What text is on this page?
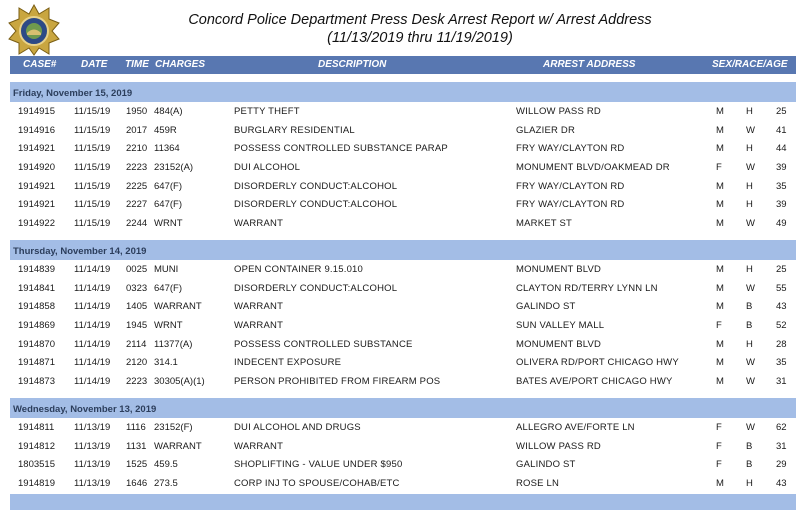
Concord Police Department Press Desk Arrest Report w/ Arrest Address
(11/13/2019 thru 11/19/2019)
CASE# DATE TIME CHARGES	DESCRIPTION	ARREST ADDRESS	SEX/RACE/AGE
Friday, November 15, 2019
1914915 11/15/19 1950 484(A)	PETTY THEFT	WILLOW PASS RD	M H 25
1914916 11/15/19 2017 459R	BURGLARY RESIDENTIAL	GLAZIER DR	M W 41
1914921 11/15/19 2210 11364	POSSESS CONTROLLED SUBSTANCE PARAP	FRY WAY/CLAYTON RD	M H 44
1914920 11/15/19 2223 23152(A)	DUI ALCOHOL	MONUMENT BLVD/OAKMEAD DR	F	W 39
1914921 11/15/19 2225 647(F)	DISORDERLY CONDUCT:ALCOHOL	FRY WAY/CLAYTON RD	M H 35
1914921 11/15/19 2227 647(F)	DISORDERLY CONDUCT:ALCOHOL	FRY WAY/CLAYTON RD	M H 39
1914922 11/15/19 2244 WRNT	WARRANT	MARKET ST	M W 49
Thursday, November 14, 2019
1914839 11/14/19 0025 MUNI	OPEN CONTAINER 9.15.010	MONUMENT BLVD	M H 25
1914841 11/14/19 0323 647(F)	DISORDERLY CONDUCT:ALCOHOL	CLAYTON RD/TERRY LYNN LN	M W 55
1914858 11/14/19 1405 WARRANT	WARRANT	GALINDO ST	M B 43
1914869 11/14/19 1945 WRNT	WARRANT	SUN VALLEY MALL	F	B 52
1914870 11/14/19 2114 11377(A)	POSSESS CONTROLLED SUBSTANCE	MONUMENT BLVD	M H 28
1914871 11/14/19 2120 314.1	INDECENT EXPOSURE	OLIVERA RD/PORT CHICAGO HWY	M W 35
1914873 11/14/19 2223 30305(A)(1)	PERSON PROHIBITED FROM FIREARM POS	BATES AVE/PORT CHICAGO HWY	M W 31
Wednesday, November 13, 2019
1914811 11/13/19 1116 23152(F)	DUI ALCOHOL AND DRUGS	ALLEGRO AVE/FORTE LN	F	W 62
1914812 11/13/19 1131 WARRANT	WARRANT	WILLOW PASS RD	F	B 31
1803515 11/13/19 1525 459.5	SHOPLIFTING - VALUE UNDER $950	GALINDO ST	F	B 29
1914819 11/13/19 1646 273.5	CORP INJ TO SPOUSE/COHAB/ETC	ROSE LN	M H 43
